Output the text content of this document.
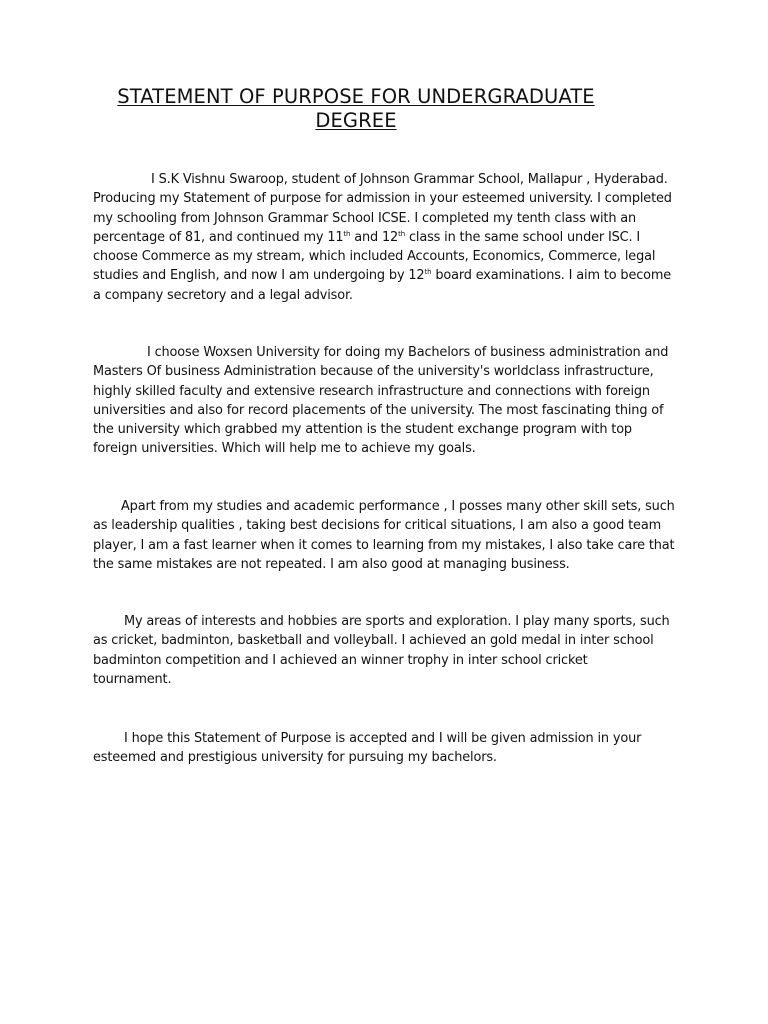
STATEMENT OF PURPOSE FOR UNDERGRADUATE
DEGREE
I S.K Vishnu Swaroop, student of Johnson Grammar School, Mallapur , Hyderabad.
Producing my Statement of purpose for admission in your esteemed university. I completed
my schooling from Johnson Grammar School ICSE. I completed my tenth class with an
percentage of 81, and continued my 11th and 12th class in the same school under ISC. I
choose Commerce as my stream, which included Accounts, Economics, Commerce, legal
studies and English, and now I am undergoing by 12th board examinations. I aim to become
a company secretory and a legal advisor.
I choose Woxsen University for doing my Bachelors of business administration and
Masters Of business Administration because of the university's worldclass infrastructure,
highly skilled faculty and extensive research infrastructure and connections with foreign
universities and also for record placements of the university. The most fascinating thing of
the university which grabbed my attention is the student exchange program with top
foreign universities. Which will help me to achieve my goals.
Apart from my studies and academic performance , I posses many other skill sets, such
as leadership qualities , taking best decisions for critical situations, I am also a good team
player, I am a fast learner when it comes to learning from my mistakes, I also take care that
the same mistakes are not repeated. I am also good at managing business.
My areas of interests and hobbies are sports and exploration. I play many sports, such
as cricket, badminton, basketball and volleyball. I achieved an gold medal in inter school
badminton competition and I achieved an winner trophy in inter school cricket
tournament.
I hope this Statement of Purpose is accepted and I will be given admission in your
esteemed and prestigious university for pursuing my bachelors.
